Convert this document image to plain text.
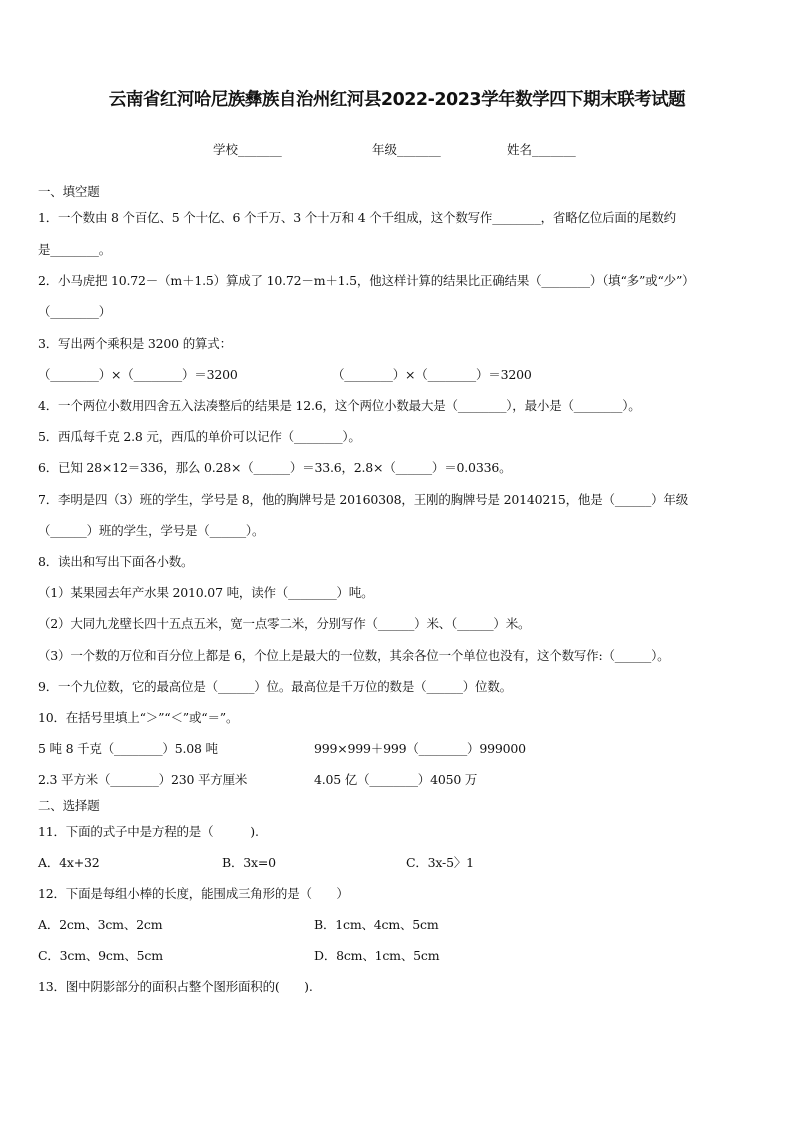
云南省红河哈尼族彝族自治州红河县2022-2023学年数学四下期末联考试题
学校_______	年级_______	姓名_______
一、填空题
1．一个数由 8 个百亿、5 个十亿、6 个千万、3 个十万和 4 个千组成，这个数写作________，省略亿位后面的尾数约
是________。
2．小马虎把 10.72－（m＋1.5）算成了 10.72－m＋1.5，他这样计算的结果比正确结果（________）（填“多”或“少”）
（________）
3．写出两个乘积是 3200 的算式：
（________）×（________）＝3200	（________）×（________）＝3200
4．一个两位小数用四舍五入法凑整后的结果是 12.6，这个两位小数最大是（________），最小是（________）。
5．西瓜每千克 2.8 元，西瓜的单价可以记作（________）。
6．已知 28×12＝336，那么 0.28×（______）＝33.6，2.8×（______）＝0.0336。
7．李明是四（3）班的学生，学号是 8，他的胸牌号是 20160308，王刚的胸牌号是 20140215，他是（______）年级
（______）班的学生，学号是（______）。
8．读出和写出下面各小数。
（1）某果园去年产水果 2010.07 吨，读作（________）吨。
（2）大同九龙壁长四十五点五米，宽一点零二米，分别写作（______）米、（______）米。
（3）一个数的万位和百分位上都是 6，个位上是最大的一位数，其余各位一个单位也没有，这个数写作:（______）。
9．一个九位数，它的最高位是（______）位。最高位是千万位的数是（______）位数。
10．在括号里填上“＞”“＜”或“＝”。
5 吨 8 千克（________）5.08 吨	999×999＋999（________）999000
2.3 平方米（________）230 平方厘米	4.05 亿（________）4050 万
二、选择题
11．下面的式子中是方程的是（　　　).
A．4x+32	B．3x=0	C．3x-5〉1
12．下面是每组小棒的长度，能围成三角形的是（　　）
A．2cm、3cm、2cm	B．1cm、4cm、5cm
C．3cm、9cm、5cm	D．8cm、1cm、5cm
13．图中阴影部分的面积占整个图形面积的(　　).
